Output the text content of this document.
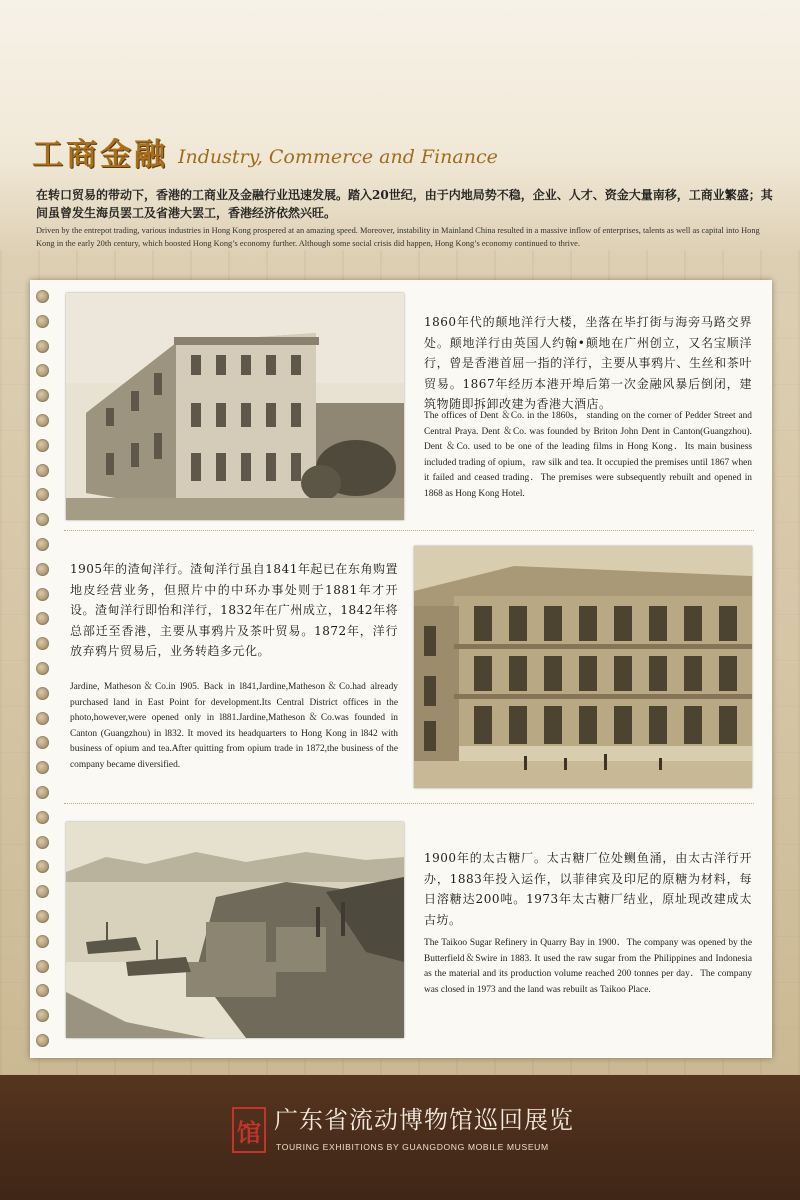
工商金融 Industry, Commerce and Finance

在转口贸易的带动下，香港的工商业及金融行业迅速发展。踏入20世纪，由于内地局势不稳，企业、人才、资金大量南移，工商业繁盛；其间虽曾发生海员罢工及省港大罢工，香港经济依然兴旺。

Driven by the entrepot trading, various industries in Hong Kong prospered at an amazing speed. Moreover, instability in Mainland China resulted in a massive inflow of enterprises, talents as well as capital into Hong Kong in the early 20th century, which boosted Hong Kong’s economy further. Although some social crisis did happen, Hong Kong’s economy continued to thrive.

1860年代的颠地洋行大楼，坐落在毕打街与海旁马路交界处。颠地洋行由英国人约翰•颠地在广州创立，又名宝顺洋行，曾是香港首屈一指的洋行，主要从事鸦片、生丝和茶叶贸易。1867年经历本港开埠后第一次金融风暴后倒闭，建筑物随即拆卸改建为香港大酒店。

The offices of Dent ＆Co. in the 1860s， standing on the corner of Pedder Street and Central Praya. Dent ＆Co. was founded by Briton John Dent in Canton(Guangzhou). Dent ＆Co. used to be one of the leading films in Hong Kong．Its main business included trading of opium，raw silk and tea. It occupied the premises until 1867 when it failed and ceased trading．The premises were subsequently rebuilt and opened in 1868 as Hong Kong Hotel.

1905年的渣甸洋行。渣甸洋行虽自1841年起已在东角购置地皮经营业务，但照片中的中环办事处则于1881年才开设。渣甸洋行即怡和洋行，1832年在广州成立，1842年将总部迁至香港，主要从事鸦片及茶叶贸易。1872年，洋行放弃鸦片贸易后，业务转趋多元化。

Jardine, Matheson＆Co.in l905. Back in l841,Jardine,Matheson＆Co.had already purchased land in East Point for development.Its Central District offices in the photo,however,were opened only in l881.Jardine,Matheson＆Co.was founded in Canton (Guangzhou) in l832. It moved its headquarters to Hong Kong in l842 with business of opium and tea.After quitting from opium trade in 1872,the business of the company became diversified.

1900年的太古糖厂。太古糖厂位处鲗鱼涌，由太古洋行开办，1883年投入运作，以菲律宾及印尼的原糖为材料，每日溶糖达200吨。1973年太古糖厂结业，原址现改建成太古坊。

The Taikoo Sugar Refinery in Quarry Bay in 1900．The company was opened by the Butterfield＆Swire in 1883. It used the raw sugar from the Philippines and Indonesia as the material and its production volume reached 200 tonnes per day．The company was closed in 1973 and the land was rebuilt as Taikoo Place.

馆 广东省流动博物馆巡回展览
TOURING EXHIBITIONS BY GUANGDONG MOBILE MUSEUM
